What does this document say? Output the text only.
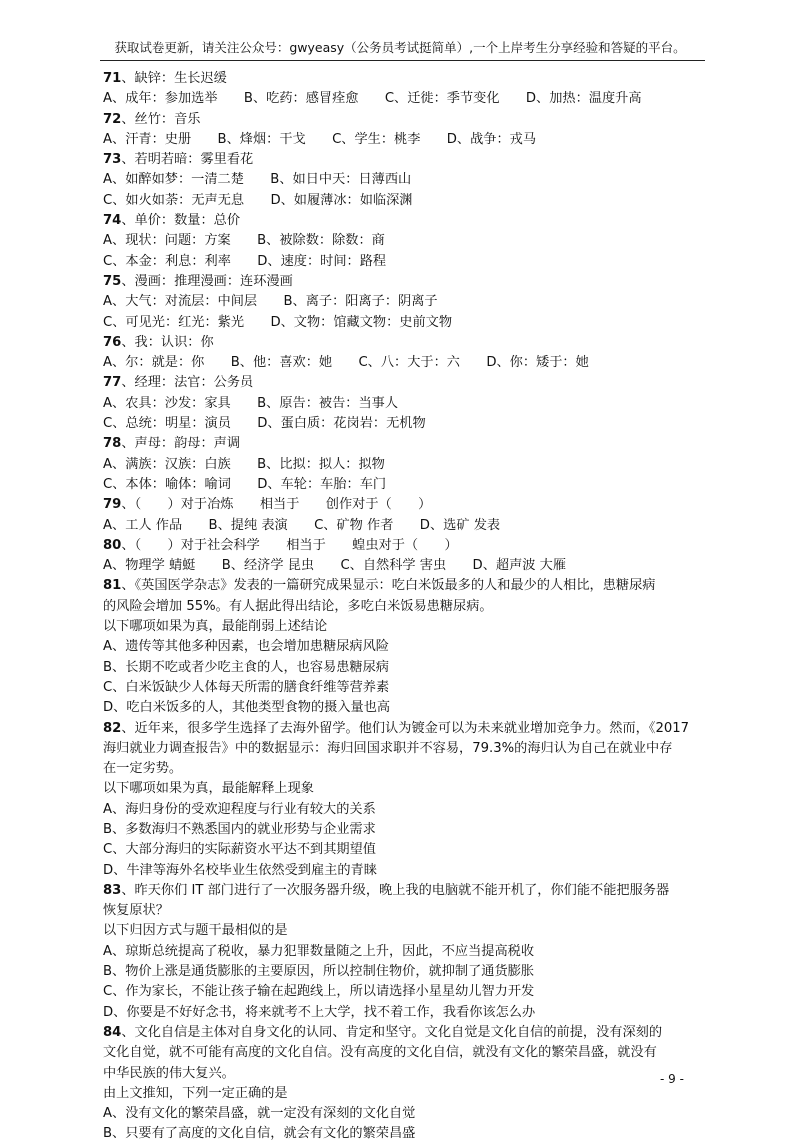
获取试卷更新，请关注公众号：gwyeasy（公务员考试挺简单）,一个上岸考生分享经验和答疑的平台。
71、缺锌：生长迟缓
A、成年：参加选举　　B、吃药：感冒痊愈　　C、迁徙：季节变化　　D、加热：温度升高
72、丝竹：音乐
A、汗青：史册　　B、烽烟：干戈　　C、学生：桃李　　D、战争：戎马
73、若明若暗：雾里看花
A、如醉如梦：一清二楚　　B、如日中天：日薄西山
C、如火如荼：无声无息　　D、如履薄冰：如临深渊
74、单价：数量：总价
A、现状：问题：方案　　B、被除数：除数：商
C、本金：利息：利率　　D、速度：时间：路程
75、漫画：推理漫画：连环漫画
A、大气：对流层：中间层　　B、离子：阳离子：阴离子
C、可见光：红光：紫光　　D、文物：馆藏文物：史前文物
76、我：认识：你
A、尔：就是：你　　B、他：喜欢：她　　C、八：大于：六　　D、你：矮于：她
77、经理：法官：公务员
A、农具：沙发：家具　　B、原告：被告：当事人
C、总统：明星：演员　　D、蛋白质：花岗岩：无机物
78、声母：韵母：声调
A、满族：汉族：白族　　B、比拟：拟人：拟物
C、本体：喻体：喻词　　D、车轮：车胎：车门
79、（　　）对于冶炼　　相当于　　创作对于（　　）
A、工人 作品　　B、提纯 表演　　C、矿物 作者　　D、选矿 发表
80、（　　）对于社会科学　　相当于　　蝗虫对于（　　）
A、物理学 蜻蜓　　B、经济学 昆虫　　C、自然科学 害虫　　D、超声波 大雁
81、《英国医学杂志》发表的一篇研究成果显示：吃白米饭最多的人和最少的人相比，患糖尿病
的风险会增加 55%。有人据此得出结论，多吃白米饭易患糖尿病。
以下哪项如果为真，最能削弱上述结论
A、遗传等其他多种因素，也会增加患糖尿病风险
B、长期不吃或者少吃主食的人，也容易患糖尿病
C、白米饭缺少人体每天所需的膳食纤维等营养素
D、吃白米饭多的人，其他类型食物的摄入量也高
82、近年来，很多学生选择了去海外留学。他们认为镀金可以为未来就业增加竞争力。然而，《2017
海归就业力调查报告》中的数据显示：海归回国求职并不容易，79.3%的海归认为自己在就业中存
在一定劣势。
以下哪项如果为真，最能解释上现象
A、海归身份的受欢迎程度与行业有较大的关系
B、多数海归不熟悉国内的就业形势与企业需求
C、大部分海归的实际薪资水平达不到其期望值
D、牛津等海外名校毕业生依然受到雇主的青睐
83、昨天你们 IT 部门进行了一次服务器升级，晚上我的电脑就不能开机了，你们能不能把服务器
恢复原状？
以下归因方式与题干最相似的是
A、琼斯总统提高了税收，暴力犯罪数量随之上升，因此，不应当提高税收
B、物价上涨是通货膨胀的主要原因，所以控制住物价，就抑制了通货膨胀
C、作为家长，不能让孩子输在起跑线上，所以请选择小星星幼儿智力开发
D、你要是不好好念书，将来就考不上大学，找不着工作，我看你该怎么办
84、文化自信是主体对自身文化的认同、肯定和坚守。文化自觉是文化自信的前提，没有深刻的
文化自觉，就不可能有高度的文化自信。没有高度的文化自信，就没有文化的繁荣昌盛，就没有
中华民族的伟大复兴。
由上文推知，下列一定正确的是
A、没有文化的繁荣昌盛，就一定没有深刻的文化自觉
B、只要有了高度的文化自信，就会有文化的繁荣昌盛
- 9 -
